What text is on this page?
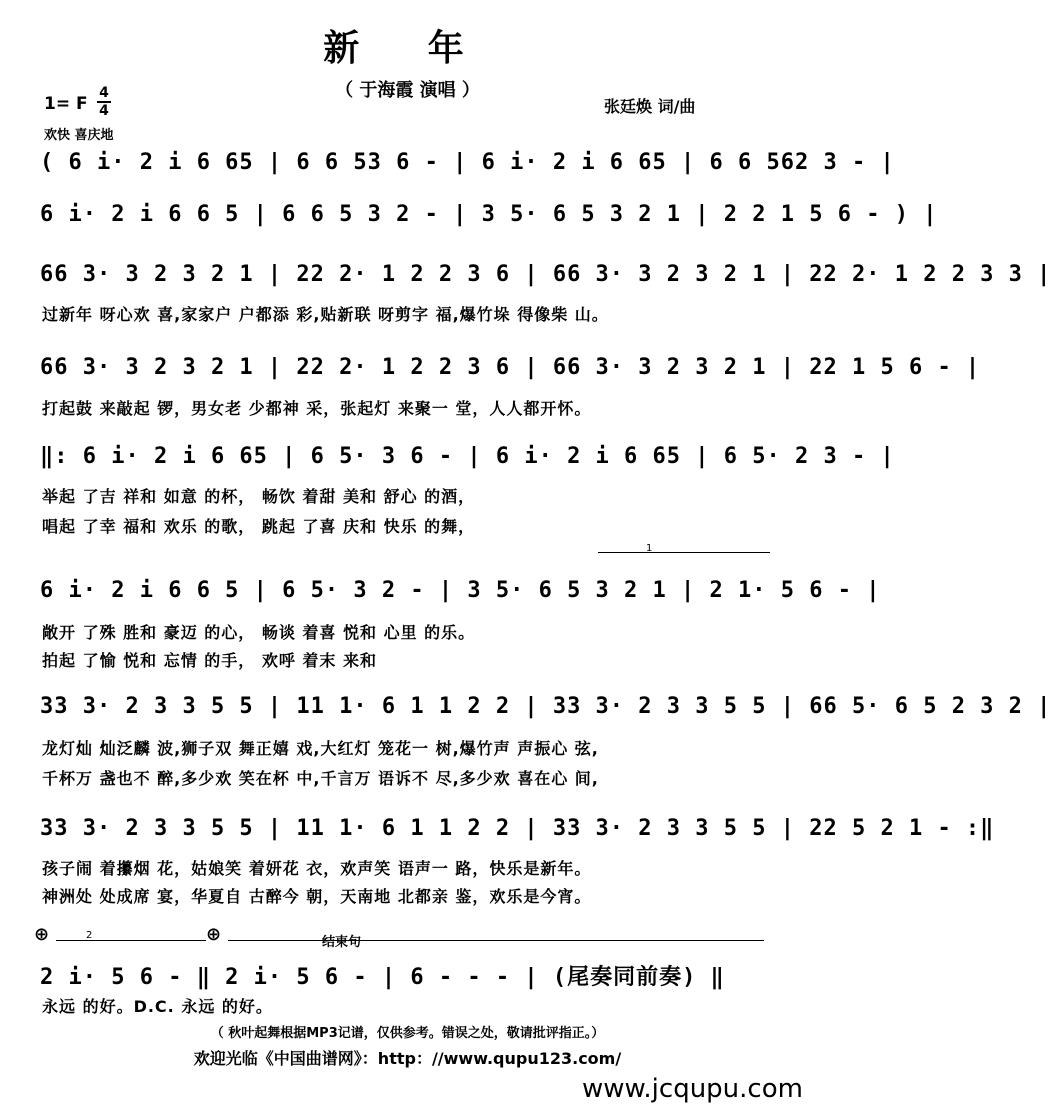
新 年
（ 于海霞 演唱 ）
张廷焕 词/曲
1= F
4
4
欢快 喜庆地
( 6 i· 2 i 6 65 | 6 6 53 6 - | 6 i· 2 i 6 65 | 6 6 562 3 - |
6 i· 2 i 6 6 5 | 6 6 5 3 2 - | 3 5· 6 5 3 2 1 | 2 2 1 5 6 - ) |
66 3· 3 2 3 2 1 | 22 2· 1 2 2 3 6 | 66 3· 3 2 3 2 1 | 22 2· 1 2 2 3 3 |
过新年 呀心欢 喜,家家户 户都添 彩,贴新联 呀剪字 福,爆竹垛 得像柴 山。
66 3· 3 2 3 2 1 | 22 2· 1 2 2 3 6 | 66 3· 3 2 3 2 1 | 22 1 5 6 - |
打起鼓 来敲起 锣，男女老 少都神 采，张起灯 来聚一 堂，人人都开怀。
‖: 6 i· 2 i 6 65 | 6 5· 3 6 - | 6 i· 2 i 6 65 | 6 5· 2 3 - |
举起 了吉 祥和 如意 的杯， 畅饮 着甜 美和 舒心 的酒，
唱起 了幸 福和 欢乐 的歌， 跳起 了喜 庆和 快乐 的舞，
1
6 i· 2 i 6 6 5 | 6 5· 3 2 - | 3 5· 6 5 3 2 1 | 2 1· 5 6 - |
敞开 了殊 胜和 豪迈 的心， 畅谈 着喜 悦和 心里 的乐。
拍起 了愉 悦和 忘情 的手， 欢呼 着末 来和
33 3· 2 3 3 5 5 | 11 1· 6 1 1 2 2 | 33 3· 2 3 3 5 5 | 66 5· 6 5 2 3 2 |
龙灯灿 灿泛麟 波,狮子双 舞正嬉 戏,大红灯 笼花一 树,爆竹声 声振心 弦,
千杯万 盏也不 醉,多少欢 笑在杯 中,千言万 语诉不 尽,多少欢 喜在心 间,
33 3· 2 3 3 5 5 | 11 1· 6 1 1 2 2 | 33 3· 2 3 3 5 5 | 22 5 2 1 - :‖
孩子闹 着攥烟 花，姑娘笑 着妍花 衣，欢声笑 语声一 路，快乐是新年。
神洲处 处成席 宴，华夏自 古醉今 朝，天南地 北都亲 鉴，欢乐是今宵。
⊕	2	⊕	结束句
2 i· 5 6 - ‖ 2 i· 5 6 - | 6 - - - | (尾奏同前奏) ‖
永远 的好。D.C. 永远 的好。
（ 秋叶起舞根据MP3记谱，仅供参考。错误之处，敬请批评指正。）
欢迎光临《中国曲谱网》：http：//www.qupu123.com/
www.jcqupu.com
